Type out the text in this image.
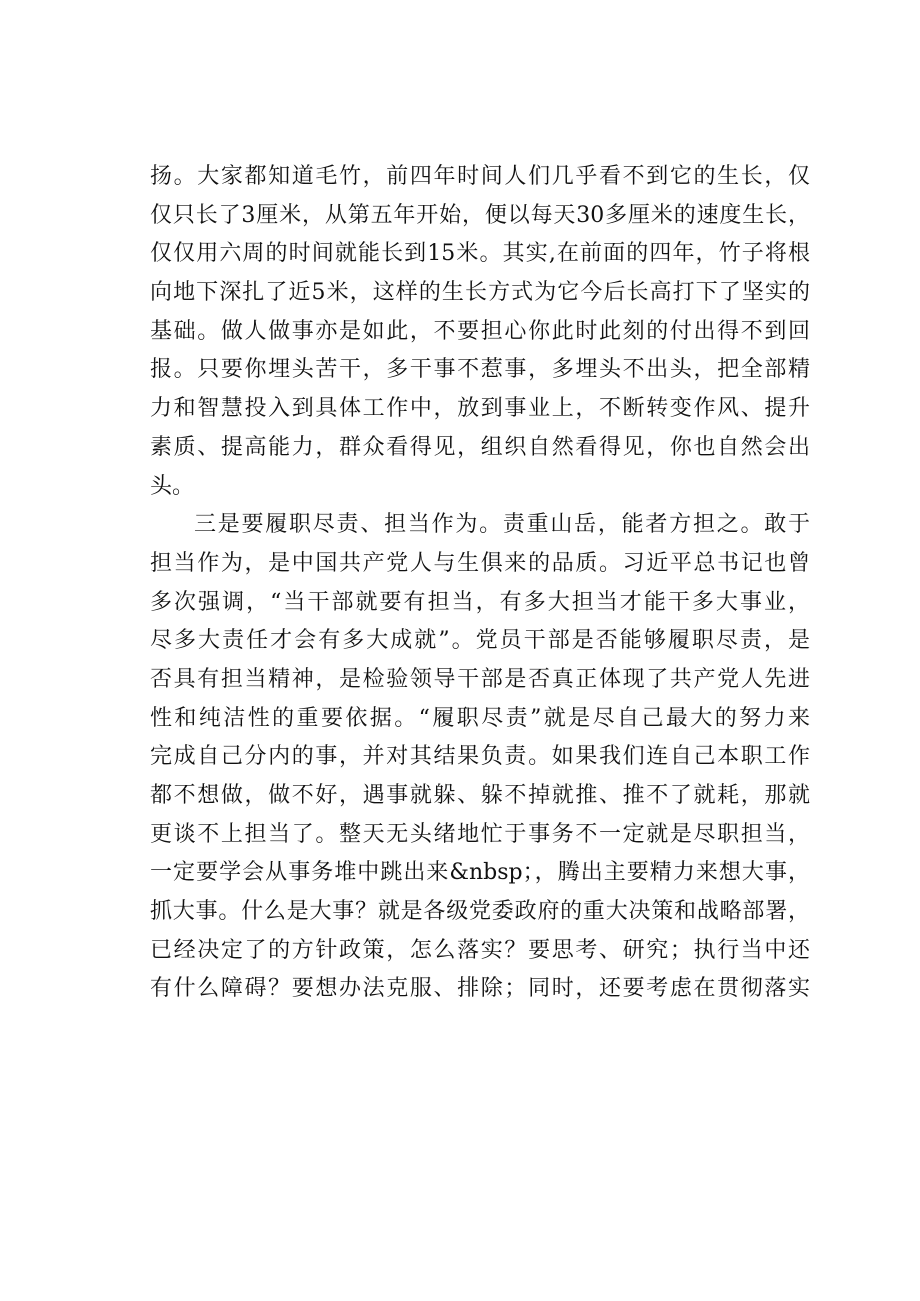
扬。大家都知道毛竹，前四年时间人们几乎看不到它的生长，仅
仅只长了3厘米，从第五年开始，便以每天30多厘米的速度生长，
仅仅用六周的时间就能长到15米。其实,在前面的四年，竹子将根
向地下深扎了近5米，这样的生长方式为它今后长高打下了坚实的
基础。做人做事亦是如此，不要担心你此时此刻的付出得不到回
报。只要你埋头苦干，多干事不惹事，多埋头不出头，把全部精
力和智慧投入到具体工作中，放到事业上，不断转变作风、提升
素质、提高能力，群众看得见，组织自然看得见，你也自然会出
头。
三是要履职尽责、担当作为。责重山岳，能者方担之。敢于
担当作为，是中国共产党人与生俱来的品质。习近平总书记也曾
多次强调，“当干部就要有担当，有多大担当才能干多大事业，
尽多大责任才会有多大成就”。党员干部是否能够履职尽责，是
否具有担当精神，是检验领导干部是否真正体现了共产党人先进
性和纯洁性的重要依据。“履职尽责”就是尽自己最大的努力来
完成自己分内的事，并对其结果负责。如果我们连自己本职工作
都不想做，做不好，遇事就躲、躲不掉就推、推不了就耗，那就
更谈不上担当了。整天无头绪地忙于事务不一定就是尽职担当，
一定要学会从事务堆中跳出来&nbsp；，腾出主要精力来想大事，
抓大事。什么是大事？就是各级党委政府的重大决策和战略部署，
已经决定了的方针政策，怎么落实？要思考、研究；执行当中还
有什么障碍？要想办法克服、排除；同时，还要考虑在贯彻落实
